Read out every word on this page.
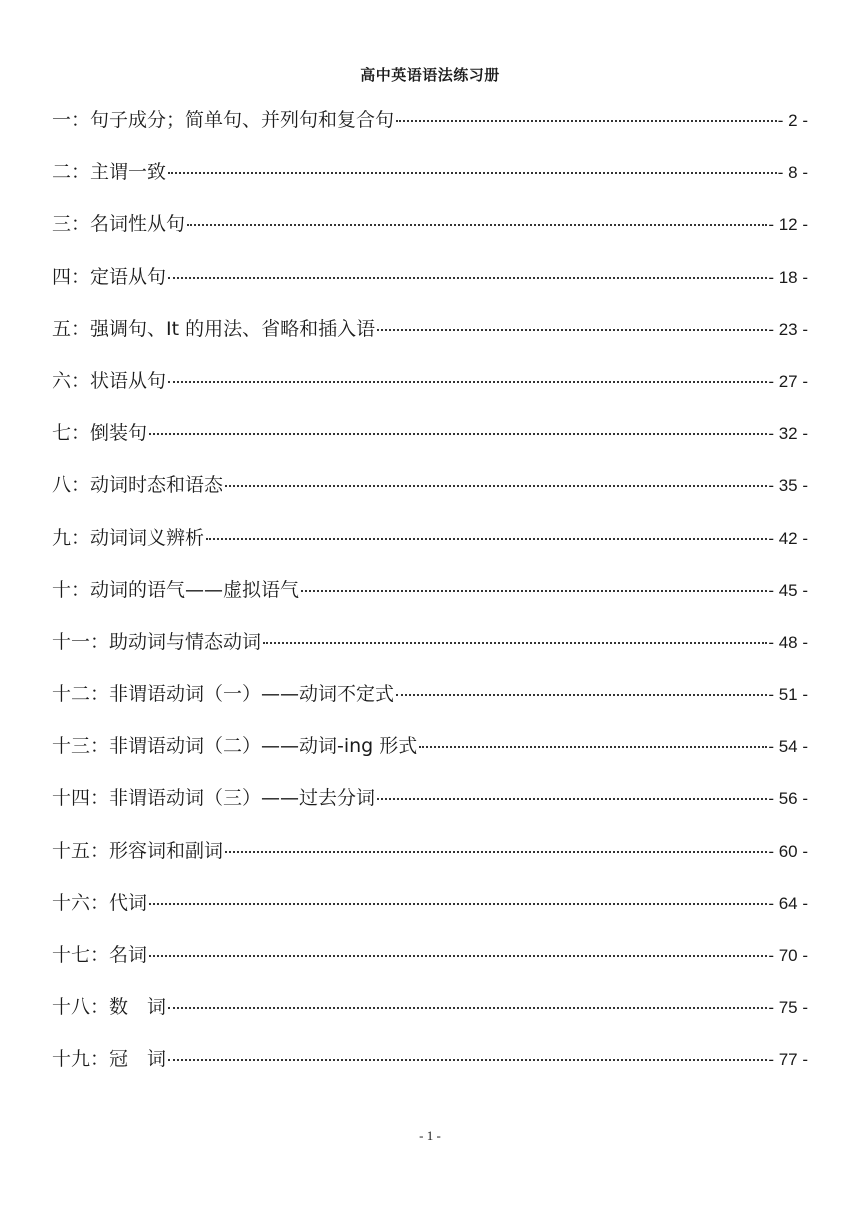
高中英语语法练习册
一：句子成分；简单句、并列句和复合句	- 2 -
二：主谓一致	- 8 -
三：名词性从句	- 12 -
四：定语从句	- 18 -
五：强调句、It 的用法、省略和插入语	- 23 -
六：状语从句	- 27 -
七：倒装句	- 32 -
八：动词时态和语态	- 35 -
九：动词词义辨析	- 42 -
十：动词的语气——虚拟语气	- 45 -
十一：助动词与情态动词	- 48 -
十二：非谓语动词（一）——动词不定式	- 51 -
十三：非谓语动词（二）——动词-ing 形式	- 54 -
十四：非谓语动词（三）——过去分词	- 56 -
十五：形容词和副词	- 60 -
十六：代词	- 64 -
十七：名词	- 70 -
十八：数　词	- 75 -
十九：冠　词	- 77 -
- 1 -
